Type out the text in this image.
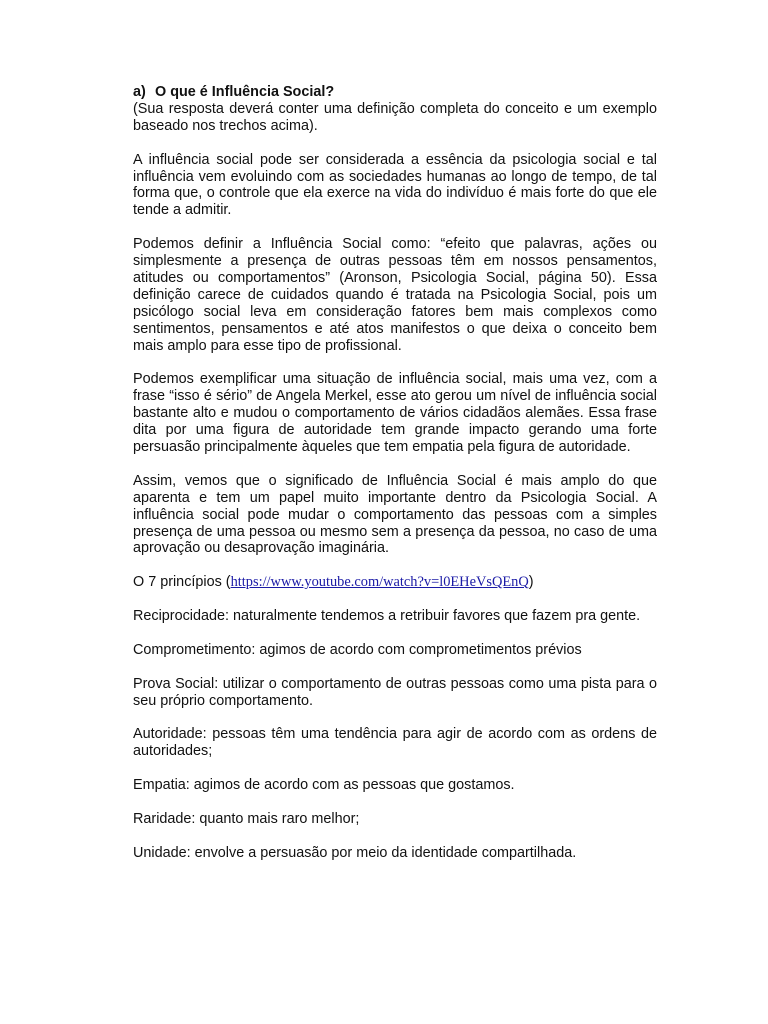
a) O que é Influência Social?

(Sua resposta deverá conter uma definição completa do conceito e um exemplo baseado nos trechos acima).

A influência social pode ser considerada a essência da psicologia social e tal influência vem evoluindo com as sociedades humanas ao longo de tempo, de tal forma que, o controle que ela exerce na vida do indivíduo é mais forte do que ele tende a admitir.

Podemos definir a Influência Social como: “efeito que palavras, ações ou simplesmente a presença de outras pessoas têm em nossos pensamentos, atitudes ou comportamentos” (Aronson, Psicologia Social, página 50). Essa definição carece de cuidados quando é tratada na Psicologia Social, pois um psicólogo social leva em consideração fatores bem mais complexos como sentimentos, pensamentos e até atos manifestos o que deixa o conceito bem mais amplo para esse tipo de profissional.

Podemos exemplificar uma situação de influência social, mais uma vez, com a frase “isso é sério” de Angela Merkel, esse ato gerou um nível de influência social bastante alto e mudou o comportamento de vários cidadãos alemães. Essa frase dita por uma figura de autoridade tem grande impacto gerando uma forte persuasão principalmente àqueles que tem empatia pela figura de autoridade.

Assim, vemos que o significado de Influência Social é mais amplo do que aparenta e tem um papel muito importante dentro da Psicologia Social. A influência social pode mudar o comportamento das pessoas com a simples presença de uma pessoa ou mesmo sem a presença da pessoa, no caso de uma aprovação ou desaprovação imaginária.

O 7 princípios (https://www.youtube.com/watch?v=l0EHeVsQEnQ)

Reciprocidade: naturalmente tendemos a retribuir favores que fazem pra gente.

Comprometimento: agimos de acordo com comprometimentos prévios

Prova Social: utilizar o comportamento de outras pessoas como uma pista para o seu próprio comportamento.

Autoridade: pessoas têm uma tendência para agir de acordo com as ordens de autoridades;

Empatia: agimos de acordo com as pessoas que gostamos.

Raridade: quanto mais raro melhor;

Unidade: envolve a persuasão por meio da identidade compartilhada.
